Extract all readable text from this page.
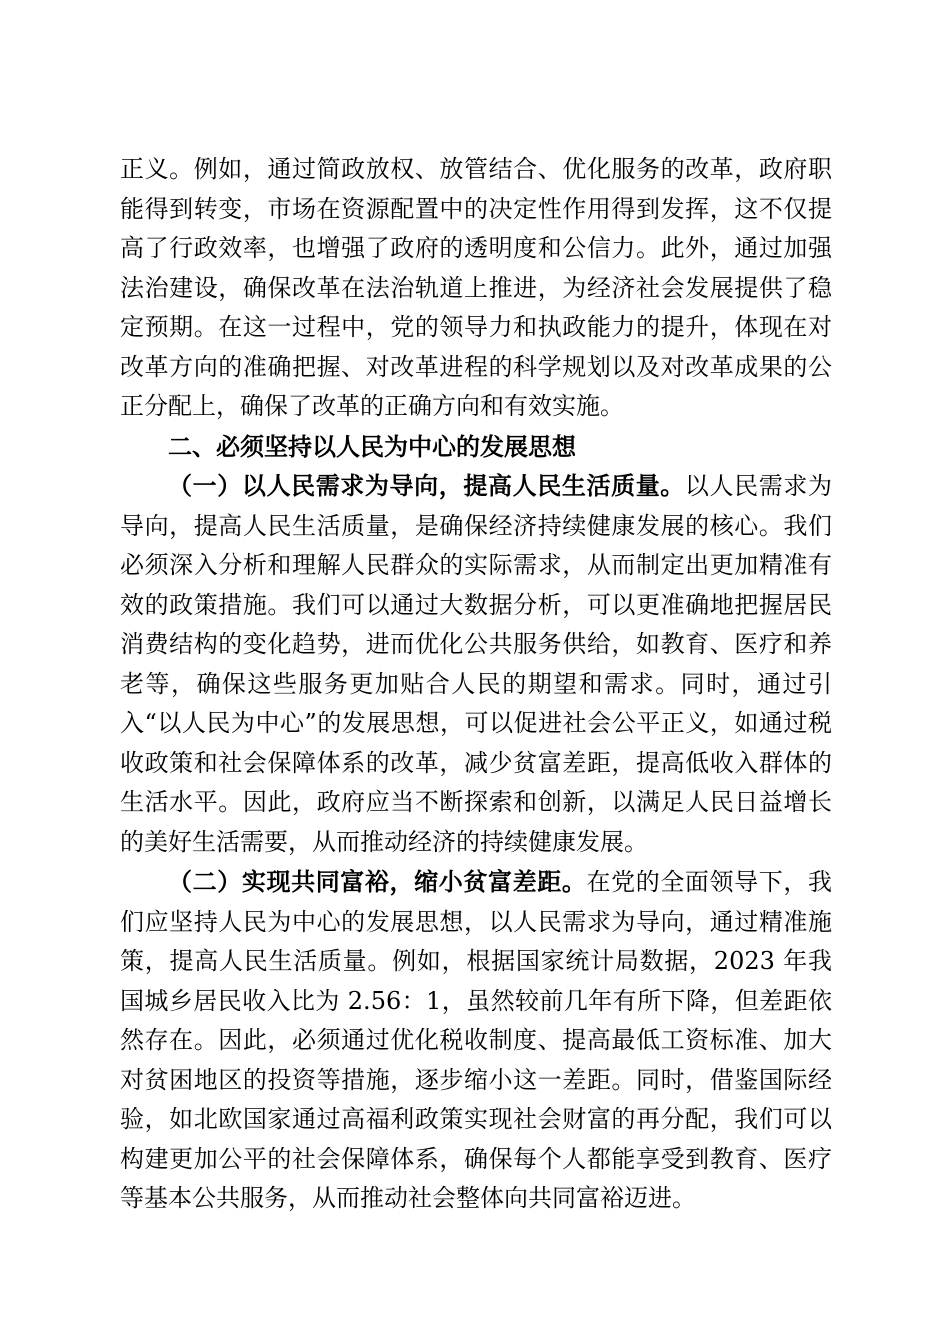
正义。例如，通过简政放权、放管结合、优化服务的改革，政府职能得到转变，市场在资源配置中的决定性作用得到发挥，这不仅提高了行政效率，也增强了政府的透明度和公信力。此外，通过加强法治建设，确保改革在法治轨道上推进，为经济社会发展提供了稳定预期。在这一过程中，党的领导力和执政能力的提升，体现在对改革方向的准确把握、对改革进程的科学规划以及对改革成果的公正分配上，确保了改革的正确方向和有效实施。

二、必须坚持以人民为中心的发展思想

（一）以人民需求为导向，提高人民生活质量。以人民需求为导向，提高人民生活质量，是确保经济持续健康发展的核心。我们必须深入分析和理解人民群众的实际需求，从而制定出更加精准有效的政策措施。我们可以通过大数据分析，可以更准确地把握居民消费结构的变化趋势，进而优化公共服务供给，如教育、医疗和养老等，确保这些服务更加贴合人民的期望和需求。同时，通过引入“以人民为中心”的发展思想，可以促进社会公平正义，如通过税收政策和社会保障体系的改革，减少贫富差距，提高低收入群体的生活水平。因此，政府应当不断探索和创新，以满足人民日益增长的美好生活需要，从而推动经济的持续健康发展。

（二）实现共同富裕，缩小贫富差距。在党的全面领导下，我们应坚持人民为中心的发展思想，以人民需求为导向，通过精准施策，提高人民生活质量。例如，根据国家统计局数据，2023 年我国城乡居民收入比为 2.56：1，虽然较前几年有所下降，但差距依然存在。因此，必须通过优化税收制度、提高最低工资标准、加大对贫困地区的投资等措施，逐步缩小这一差距。同时，借鉴国际经验，如北欧国家通过高福利政策实现社会财富的再分配，我们可以构建更加公平的社会保障体系，确保每个人都能享受到教育、医疗等基本公共服务，从而推动社会整体向共同富裕迈进。
